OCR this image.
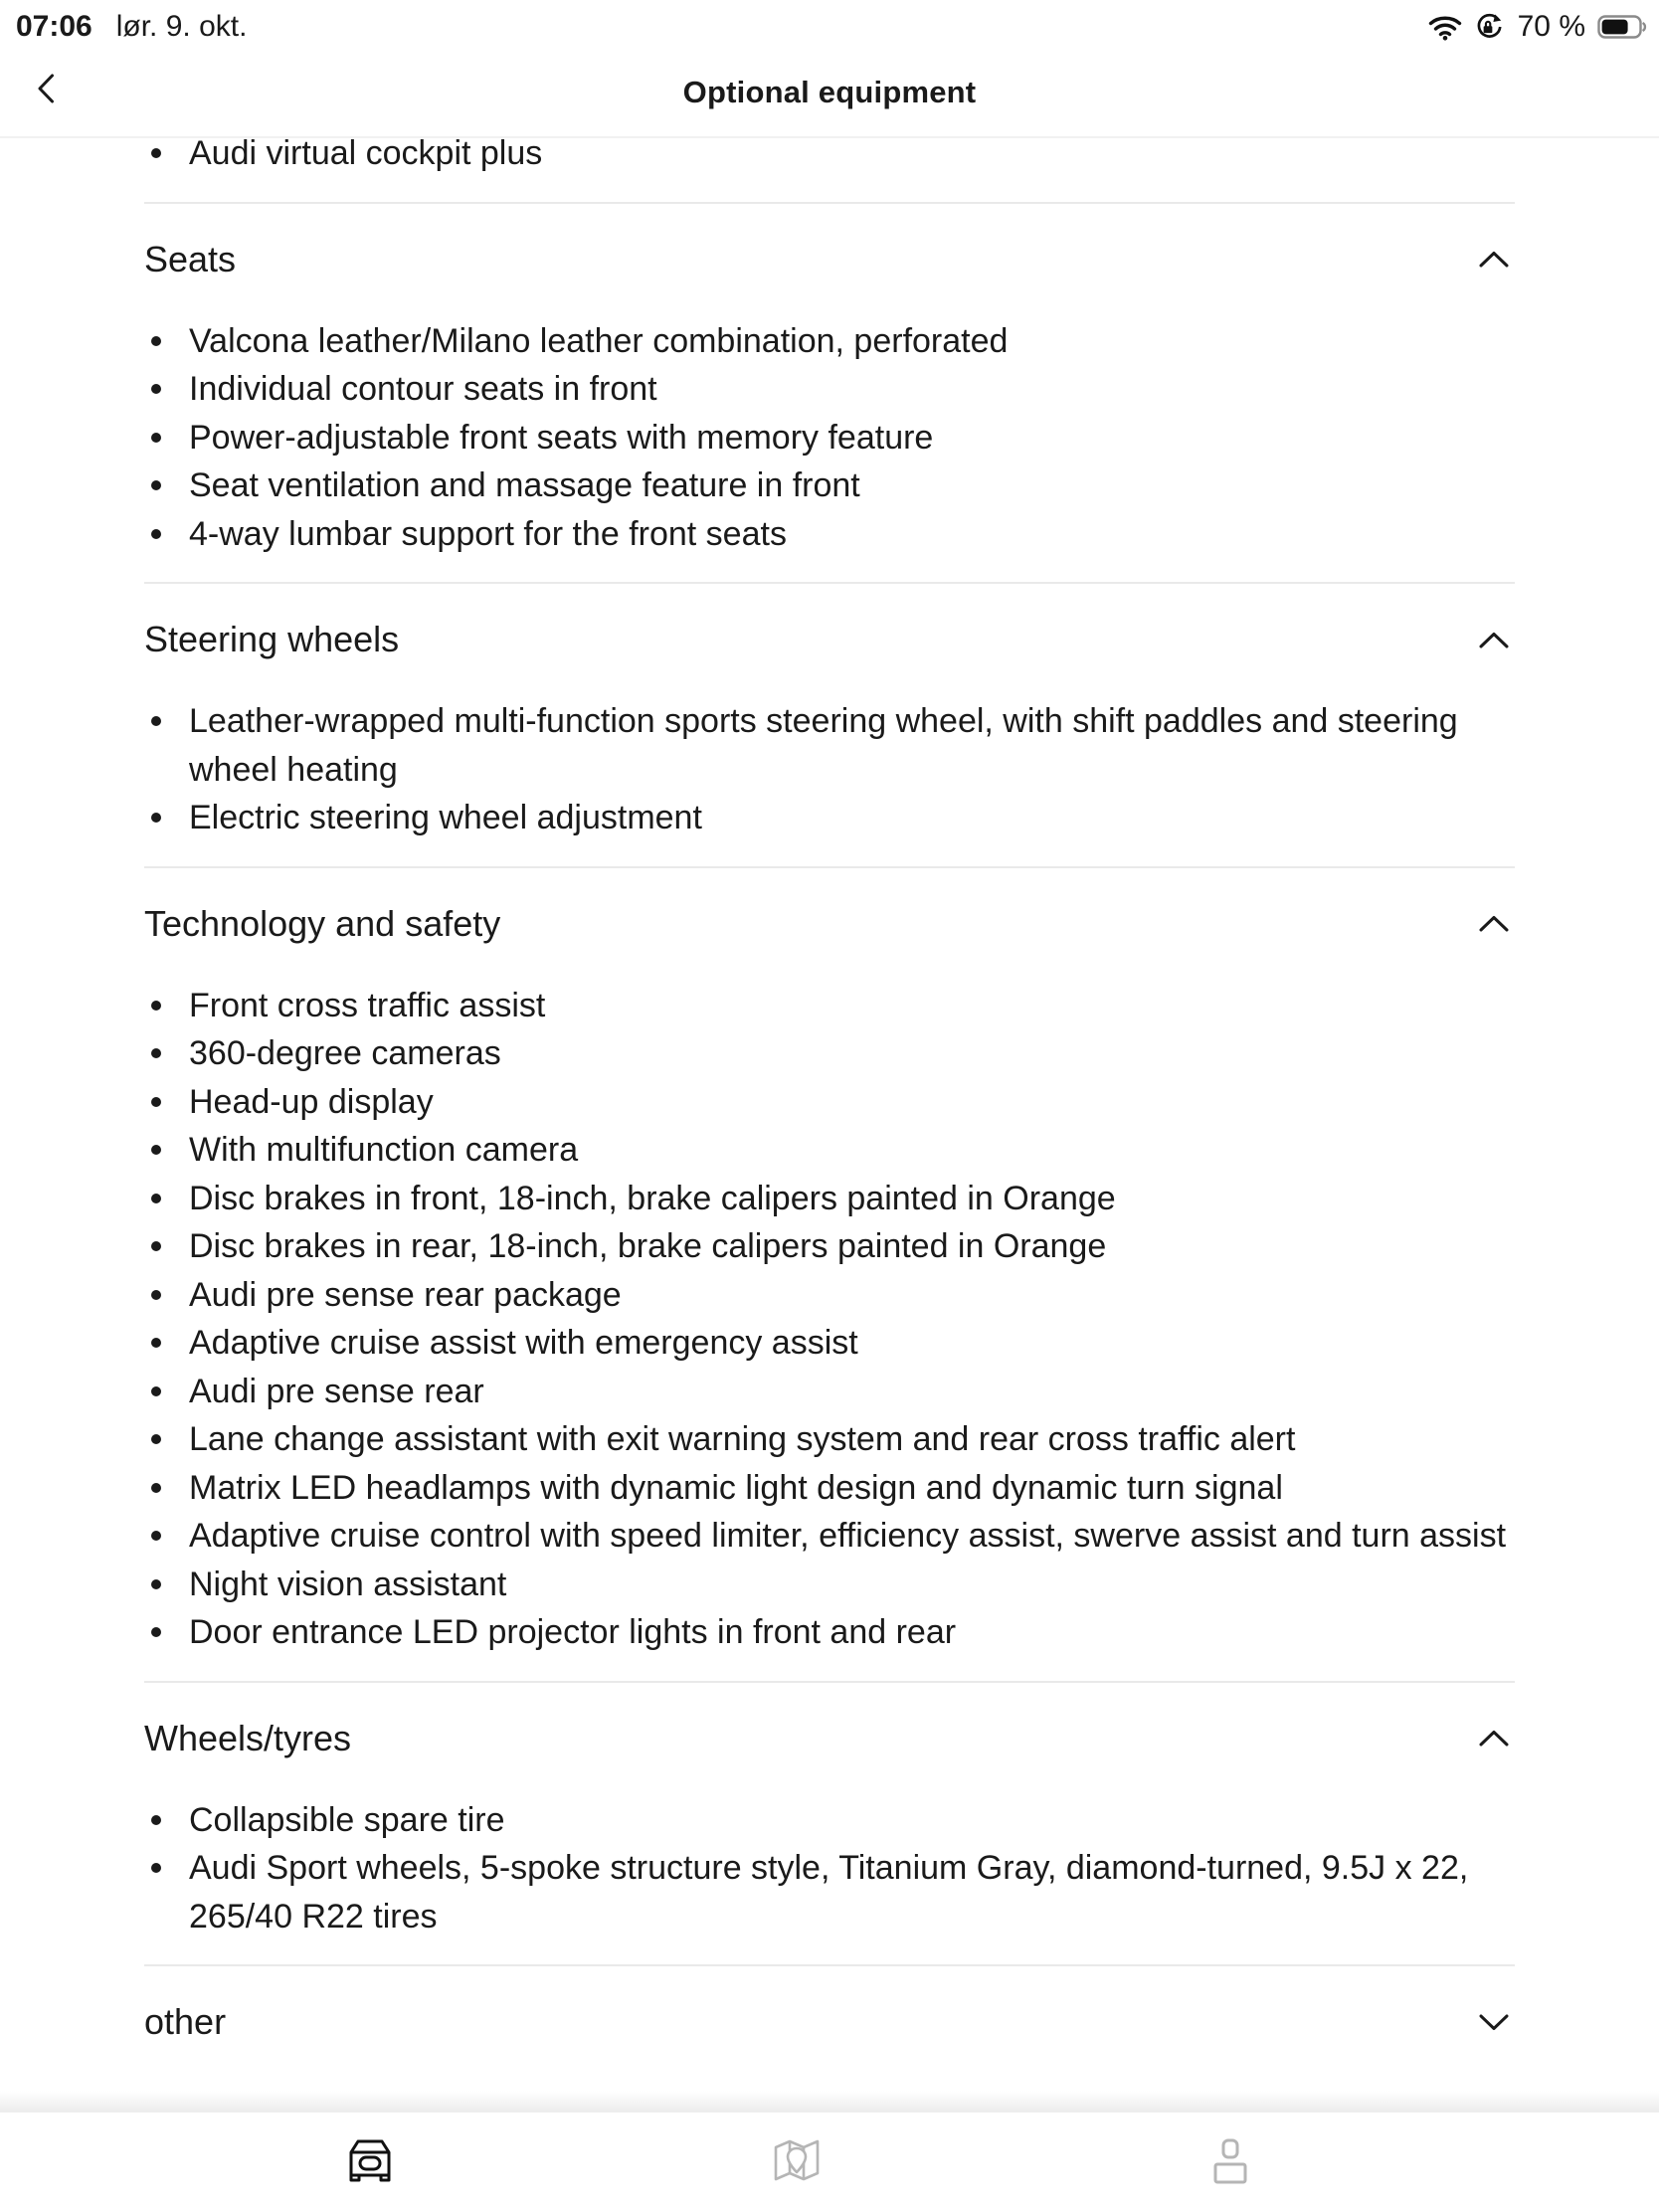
07:06 lør. 9. okt.	70 %
Optional equipment
Audi virtual cockpit plus
Seats
Valcona leather/Milano leather combination, perforated
Individual contour seats in front
Power-adjustable front seats with memory feature
Seat ventilation and massage feature in front
4-way lumbar support for the front seats
Steering wheels
Leather-wrapped multi-function sports steering wheel, with shift paddles and steering wheel heating
Electric steering wheel adjustment
Technology and safety
Front cross traffic assist
360-degree cameras
Head-up display
With multifunction camera
Disc brakes in front, 18-inch, brake calipers painted in Orange
Disc brakes in rear, 18-inch, brake calipers painted in Orange
Audi pre sense rear package
Adaptive cruise assist with emergency assist
Audi pre sense rear
Lane change assistant with exit warning system and rear cross traffic alert
Matrix LED headlamps with dynamic light design and dynamic turn signal
Adaptive cruise control with speed limiter, efficiency assist, swerve assist and turn assist
Night vision assistant
Door entrance LED projector lights in front and rear
Wheels/tyres
Collapsible spare tire
Audi Sport wheels, 5-spoke structure style, Titanium Gray, diamond-turned, 9.5J x 22, 265/40 R22 tires
other
